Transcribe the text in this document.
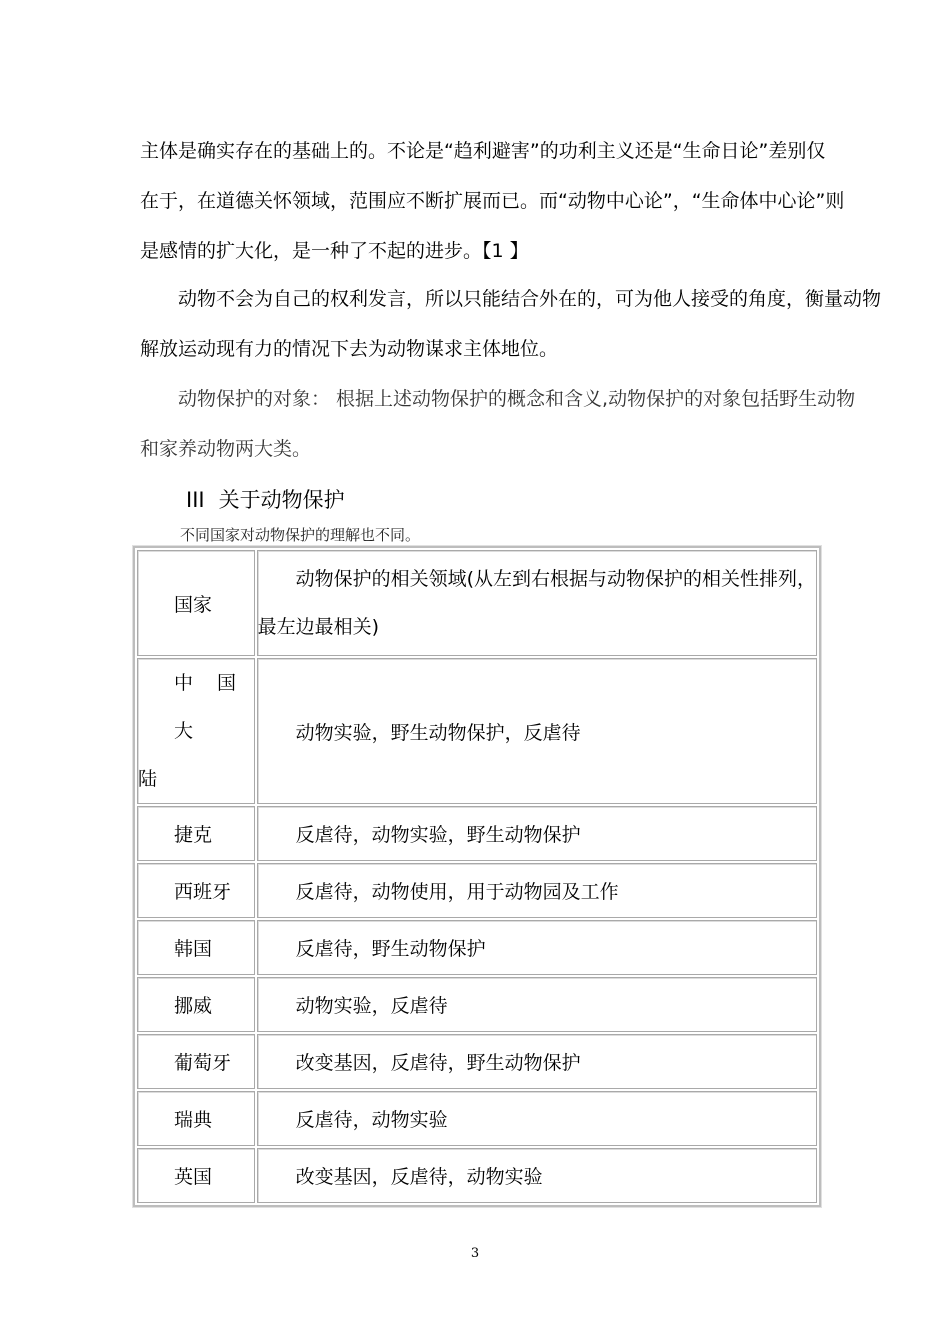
主体是确实存在的基础上的。不论是“趋利避害”的功利主义还是“生命日论”差别仅
在于，在道德关怀领域，范围应不断扩展而已。而“动物中心论”，“生命体中心论”则
是感情的扩大化，是一种了不起的进步。【1 】

动物不会为自己的权利发言，所以只能结合外在的，可为他人接受的角度，衡量动物
解放运动现有力的情况下去为动物谋求主体地位。

动物保护的对象： 根据上述动物保护的概念和含义,动物保护的对象包括野生动物
和家养动物两大类。

III 关于动物保护
不同国家对动物保护的理解也不同。
国家	动物保护的相关领域(从左到右根据与动物保护的相关性排列，
最左边最相关)

中 国 大
陆	动物实验，野生动物保护，反虐待
捷克	反虐待，动物实验，野生动物保护
西班牙	反虐待，动物使用，用于动物园及工作
韩国	反虐待，野生动物保护
挪威	动物实验，反虐待
葡萄牙	改变基因，反虐待，野生动物保护
瑞典	反虐待，动物实验
英国	改变基因，反虐待，动物实验
3
